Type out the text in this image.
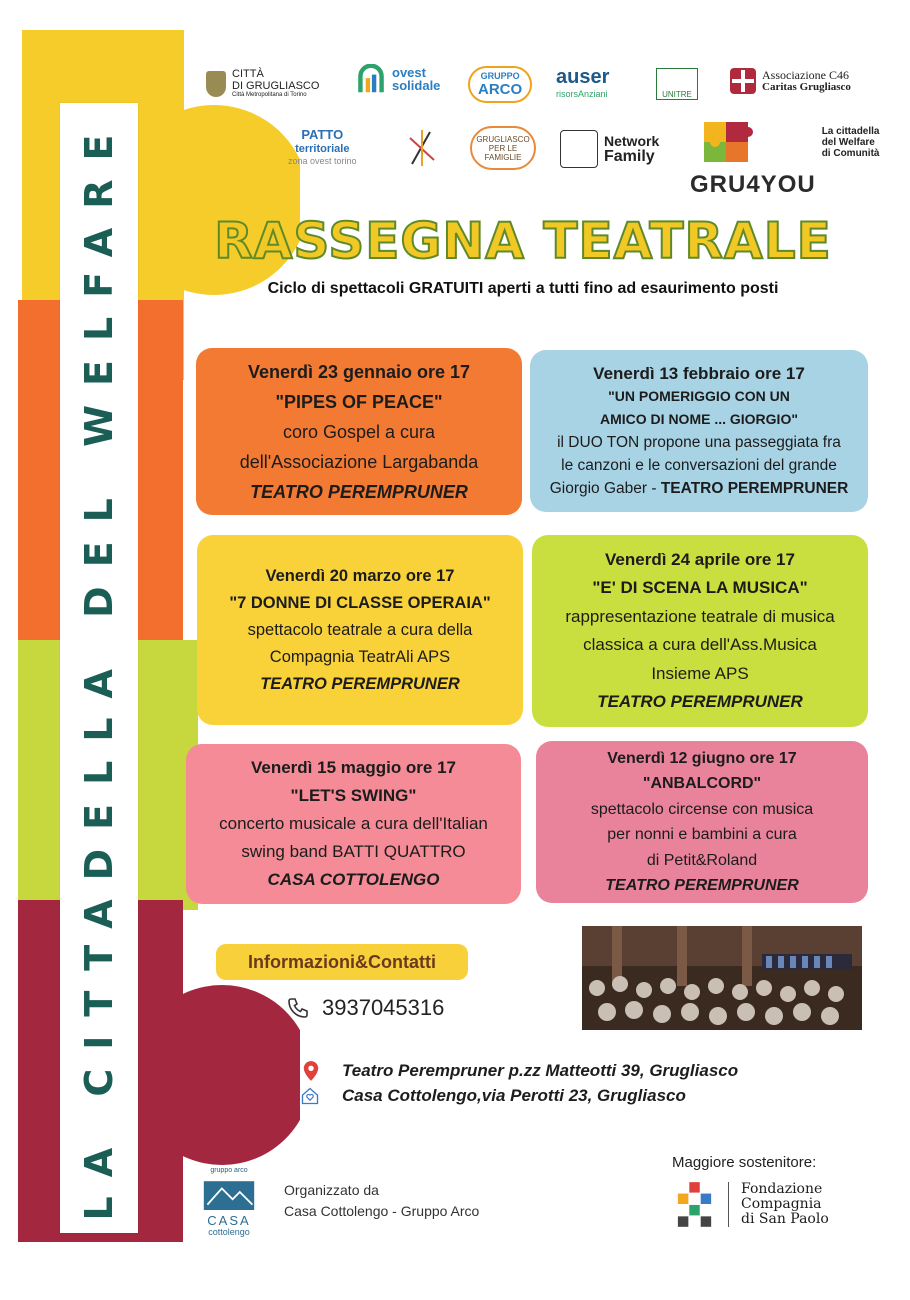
LA CITTADELLA DEL WELFARE
CITTÀ
DI GRUGLIASCO
Città Metropolitana di Torino
ovest
solidale
GRUPPO
ARCO
auser
risorsAnziani	UNITRE
Associazione C46
Caritas Grugliasco
PATTO
territoriale
zona ovest torino
GRUGLIASCO PER LE FAMIGLIE
Network
Family
GRU4YOU
La cittadella
del Welfare
di Comunità
RASSEGNA TEATRALE
Ciclo di spettacoli GRATUITI aperti a tutti fino ad esaurimento posti
Venerdì 23 gennaio ore 17
"PIPES OF PEACE"
coro Gospel a cura
dell'Associazione Largabanda
TEATRO PEREMPRUNER
Venerdì 13 febbraio ore 17
"UN POMERIGGIO CON UN
AMICO DI NOME ... GIORGIO"
il DUO TON propone una passeggiata fra
le canzoni e le conversazioni del grande
Giorgio Gaber - TEATRO PEREMPRUNER
Venerdì 20 marzo ore 17
"7 DONNE DI CLASSE OPERAIA"
spettacolo teatrale a cura della
Compagnia TeatrAli APS
TEATRO PEREMPRUNER
Venerdì 24 aprile ore 17
"E' DI SCENA LA MUSICA"
rappresentazione teatrale di musica
classica a cura dell'Ass.Musica
Insieme APS
TEATRO PEREMPRUNER
Venerdì 15 maggio ore 17
"LET'S SWING"
concerto musicale a cura dell'Italian
swing band BATTI QUATTRO
CASA COTTOLENGO
Venerdì 12 giugno ore 17
"ANBALCORD"
spettacolo circense con musica
per nonni e bambini a cura
di Petit&Roland
TEATRO PEREMPRUNER
Informazioni&Contatti
3937045316
Teatro Perempruner p.zz Matteotti 39, Grugliasco
Casa Cottolengo,via Perotti 23, Grugliasco
gruppo arco
CASA
cottolengo
Organizzato da
Casa Cottolengo - Gruppo Arco
Maggiore sostenitore:
Fondazione
Compagnia
di San Paolo
